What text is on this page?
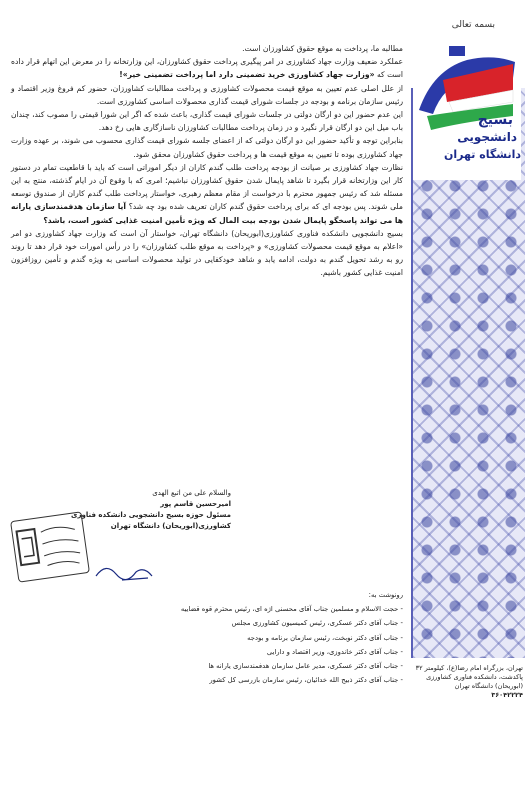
بسمه تعالی
بسیج
دانشجویی
دانشگاه تهران

مطالبه ما، پرداخت به موقع حقوق کشاورزان است.

عملکرد ضعیف وزارت جهاد کشاورزی در امر پیگیری پرداخت حقوق کشاورزان، این وزارتخانه را در معرض این اتهام قرار داده است که «وزارت جهاد کشاورزی خرید تضمینی دارد اما پرداخت تضمینی خیر»!

از علل اصلی عدم تعیین به موقع قیمت محصولات کشاورزی و پرداخت مطالبات کشاورزان، حضور کم فروغ وزیر اقتصاد و رئیس سازمان برنامه و بودجه در جلسات شورای قیمت گذاری محصولات اساسی کشاورزی است.

این عدم حضور این دو ارگان دولتی در جلسات شورای قیمت گذاری، باعث شده که اگر این شورا قیمتی را مصوب کند، چندان باب میل این دو ارگان قرار نگیرد و در زمان پرداخت مطالبات کشاورزان ناسازگاری هایی رخ دهد.

بنابراین توجه و تأکید حضور این دو ارگان دولتی که از اعضای جلسه شورای قیمت گذاری محسوب می شوند، بر عهده وزارت جهاد کشاورزی بوده تا تعیین به موقع قیمت ها و پرداخت حقوق کشاورزان محقق شود.

نظارت جهاد کشاورزی بر صیانت از بودجه پرداخت طلب گندم کاران از دیگر اموراتی است که باید با قاطعیت تمام در دستور کار این وزارتخانه قرار بگیرد تا شاهد پایمال شدن حقوق کشاورزان نباشیم؛ امری که با وقوع آن در ایام گذشته، منتج به این مسئله شد که رئیس جمهور محترم با درخواست از مقام معظم رهبری، خواستار پرداخت طلب گندم کاران از صندوق توسعه ملی شوند. پس بودجه ای که برای پرداخت حقوق گندم کاران تعریف شده بود چه شد؟ آیا سازمان هدفمندسازی یارانه ها می تواند پاسخگو پایمال شدن بودجه بیت المال که ویژه تأمین امنیت غذایی کشور است، باشد؟

بسیج دانشجویی دانشکده فناوری کشاورزی(ابوریحان) دانشگاه تهران، خواستار آن است که وزارت جهاد کشاورزی دو امر «اعلام به موقع قیمت محصولات کشاورزی» و «پرداخت به موقع طلب کشاورزان» را در رأس امورات خود قرار دهد تا روند رو به رشد تحویل گندم به دولت، ادامه یابد و شاهد خودکفایی در تولید محصولات اساسی به ویژه گندم و تأمین روزافزون امنیت غذایی کشور باشیم.

والسلام علی من اتبع الهدی
امیرحسین قاسم پور
مسئول حوزه بسیج دانشجویی دانشکده فناوری
کشاورزی(ابوریحان) دانشگاه تهران
رونوشت به:
- حجت الاسلام و مسلمین جناب آقای محسنی اژه ای، رئیس محترم قوه قضاییه
- جناب آقای دکتر عسکری، رئیس کمیسیون کشاورزی مجلس
- جناب آقای دکتر نوبخت، رئیس سازمان برنامه و بودجه
- جناب آقای دکتر خاندوزی، وزیر اقتصاد و دارایی
- جناب آقای دکتر عسکری، مدیر عامل سازمان هدفمندسازی یارانه ها
- جناب آقای دکتر ذبیح الله خدائیان، رئیس سازمان بازرسی کل کشور
تهران، بزرگراه امام رضا(ع)، کیلومتر ۳۲ پاکدشت، دانشکده فناوری کشاورزی (ابوریحان) دانشگاه تهران
۳۶۰۴۲۲۲۴
